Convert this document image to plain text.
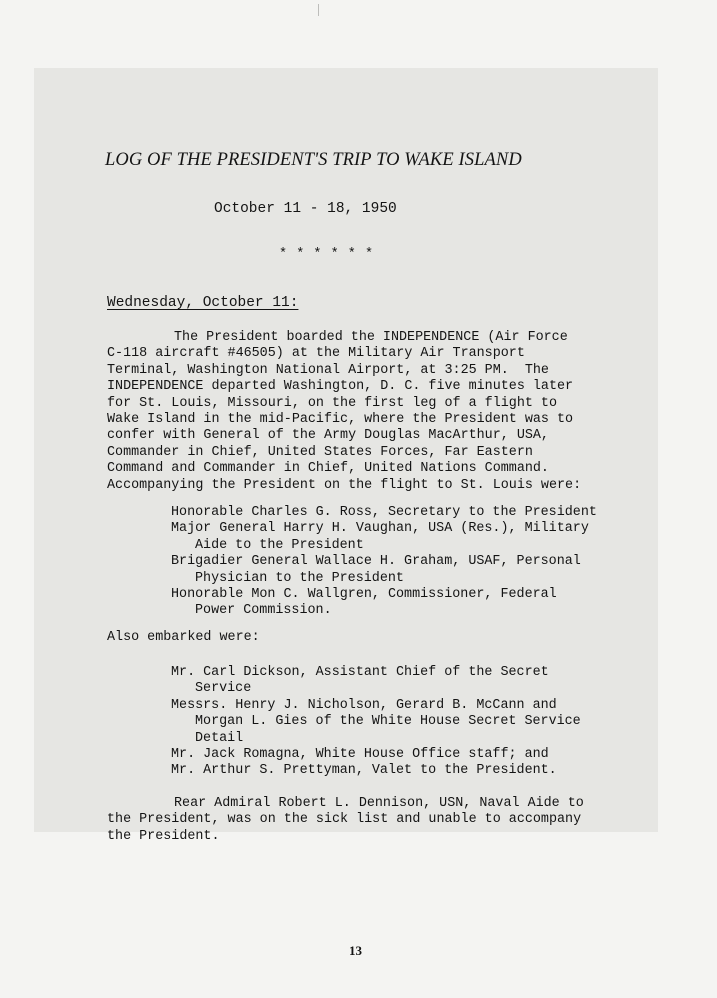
LOG OF THE PRESIDENT'S TRIP TO WAKE ISLAND
October 11 - 18, 1950
* * * * * *
Wednesday, October 11:
The President boarded the INDEPENDENCE (Air Force
C-118 aircraft #46505) at the Military Air Transport
Terminal, Washington National Airport, at 3:25 PM.  The
INDEPENDENCE departed Washington, D. C. five minutes later
for St. Louis, Missouri, on the first leg of a flight to
Wake Island in the mid-Pacific, where the President was to
confer with General of the Army Douglas MacArthur, USA,
Commander in Chief, United States Forces, Far Eastern
Command and Commander in Chief, United Nations Command.
Accompanying the President on the flight to St. Louis were:
Honorable Charles G. Ross, Secretary to the President
Major General Harry H. Vaughan, USA (Res.), Military
Aide to the President
Brigadier General Wallace H. Graham, USAF, Personal
Physician to the President
Honorable Mon C. Wallgren, Commissioner, Federal
Power Commission.
Also embarked were:
Mr. Carl Dickson, Assistant Chief of the Secret
Service
Messrs. Henry J. Nicholson, Gerard B. McCann and
Morgan L. Gies of the White House Secret Service
Detail
Mr. Jack Romagna, White House Office staff; and
Mr. Arthur S. Prettyman, Valet to the President.
Rear Admiral Robert L. Dennison, USN, Naval Aide to
the President, was on the sick list and unable to accompany
the President.
13
